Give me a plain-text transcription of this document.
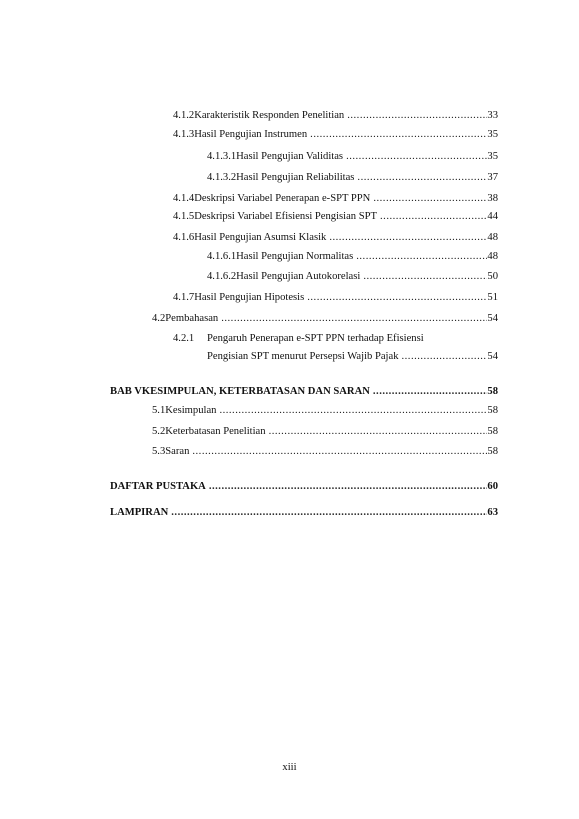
4.1.2 Karakteristik Responden Penelitian .....	33
4.1.3 Hasil Pengujian Instrumen .....	35
4.1.3.1 Hasil Pengujian Validitas .....	35
4.1.3.2 Hasil Pengujian Reliabilitas .....	37
4.1.4 Deskripsi Variabel Penerapan e-SPT PPN .....	38
4.1.5 Deskripsi Variabel Efisiensi Pengisian SPT .....	44
4.1.6 Hasil Pengujian Asumsi Klasik .....	48
4.1.6.1 Hasil Pengujian Normalitas .....	48
4.1.6.2 Hasil Pengujian Autokorelasi .....	50
4.1.7 Hasil Pengujian Hipotesis .....	51
4.2 Pembahasan .....	54
4.2.1 Pengaruh Penerapan e-SPT PPN terhadap Efisiensi
Pengisian SPT menurut Persepsi Wajib Pajak .....	54
BAB V KESIMPULAN, KETERBATASAN DAN SARAN .....	58
5.1 Kesimpulan .....	58
5.2 Keterbatasan Penelitian .....	58
5.3 Saran .....	58
DAFTAR PUSTAKA .....	60
LAMPIRAN .....	63
xiii
